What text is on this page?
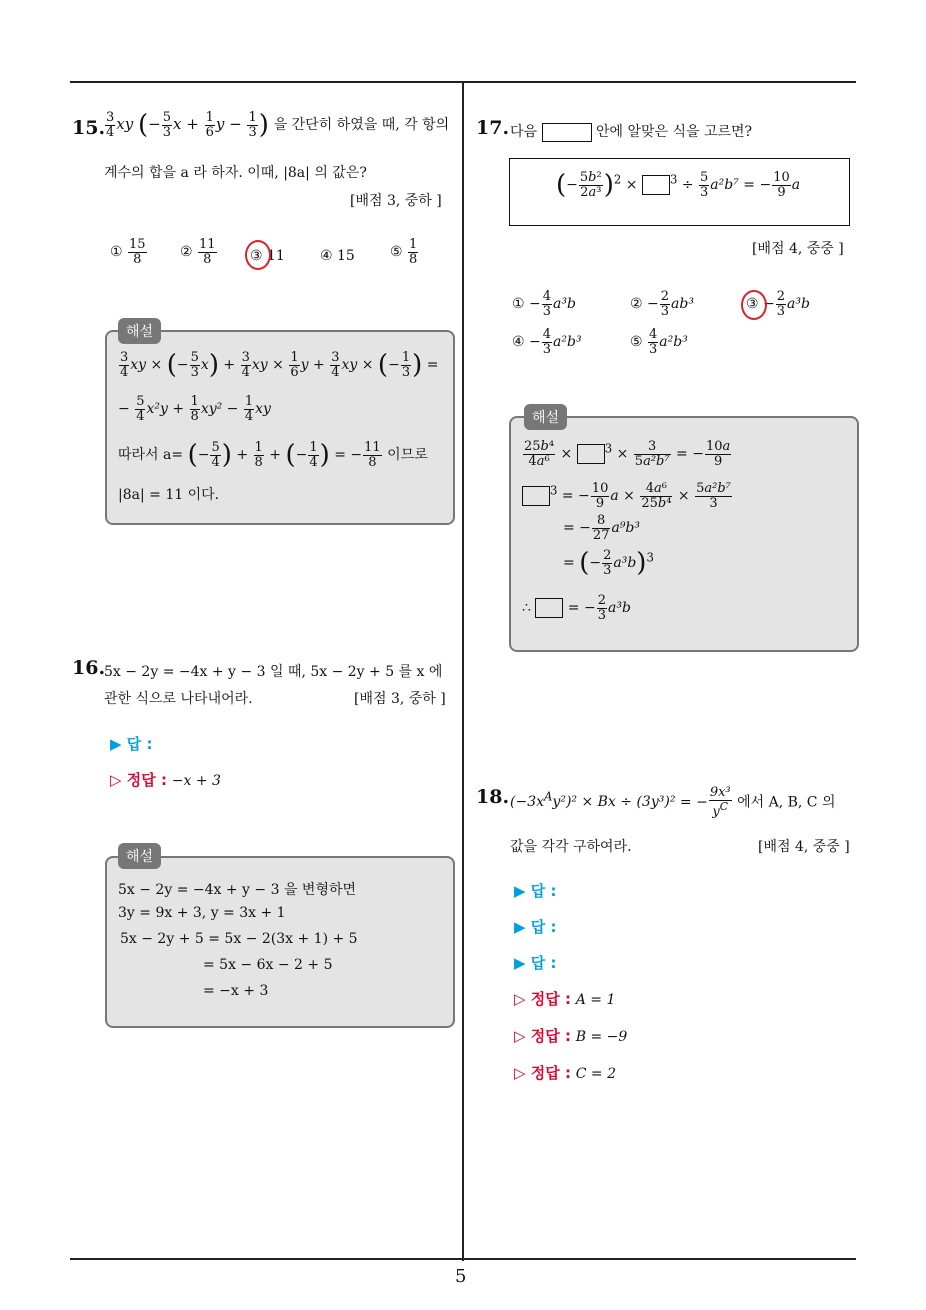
5
15. $\frac{3}{4}$ xy (− $\frac{5}{3}$ $x + \frac{1}{6}$ $y - \frac{1}{3}$ ) 을 간단히 하였을 때, 각 항의
계수의 합을 a 라 하자. 이때, |8a| 의 값은?
[배점 3, 중하 ]
① $\frac{15}{8}$ ② $\frac{11}{8}$ ③ 11	④ 15	⑤ $\frac{1}{8}$
해설
$\frac{3}{4}$ xy × (− $\frac{5}{3} x) + \frac{3}{4}$ xy × $\frac{1}{6}$ $y + \frac{3}{4}$ xy × (− $\frac{1}{3}$ ) =
− $\frac{5}{4} x^2y + \frac{1}{8} xy^2 - \frac{1}{4}$ xy
따라서 a= (− $\frac{5}{4}$ ) + $\frac{1}{8}$ + (− $\frac{1}{4}$ ) = − $\frac{11}{8}$ 이므로
|8a| = 11 이다.
16.
5x − 2y = −4x + y − 3 일 때, 5x − 2y + 5 를 x 에
관한 식으로 나타내어라.	[배점 3, 중하 ]
▶ 답 :
▷ 정답 : −x + 3
해설
5x − 2y = −4x + y − 3 을 변형하면
3y = 9x + 3, y = 3x + 1
5x − 2y + 5 = 5x − 2(3x + 1) + 5
= 5x − 6x − 2 + 5
= −x + 3
17. 다음	안에 알맞은 식을 고르면?
(− $\frac{\text{5b²}}{\text{2a³}} )^2 \times ^3 \div \frac{5}{3} a^2b^7$ = − $\frac{10}{9}$ a
[배점 4, 중중 ]
① − $\frac{4}{3} a^3b$	② − $\frac{2}{3} ab^3$	③ − $\frac{2}{3} a^3b$
④ − $\frac{4}{3} a^2b^3$	⑤ $\frac{4}{3} a^2b^3$
해설
$\frac{\text{25b⁴}}{\text{4a⁶}} \times ^3 \times \frac{3}{\text{5a²b⁷}}$ = − $\frac{10a}{9}$
$^3$ = − $\frac{10}{9}$ $a \times \frac{\text{4a⁶}}{\text{25b⁴}} \times \frac{\text{5a²b⁷}}{3}$
= − $\frac{8}{27} a^9b^3$
= (− $\frac{2}{3} a^3b)^3$
∴  = − $\frac{2}{3} a^3b$
18. $(-3x^Ay^2)^2 \times Bx \div (3y^3)^2$ = − $\frac{\text{9x³}}{y^C}$ 에서 A, B, C 의
값을 각각 구하여라.	[배점 4, 중중 ]
▶ 답 :
▶ 답 :
▶ 답 :
▷ 정답 : A = 1
▷ 정답 : B = −9
▷ 정답 : C = 2
